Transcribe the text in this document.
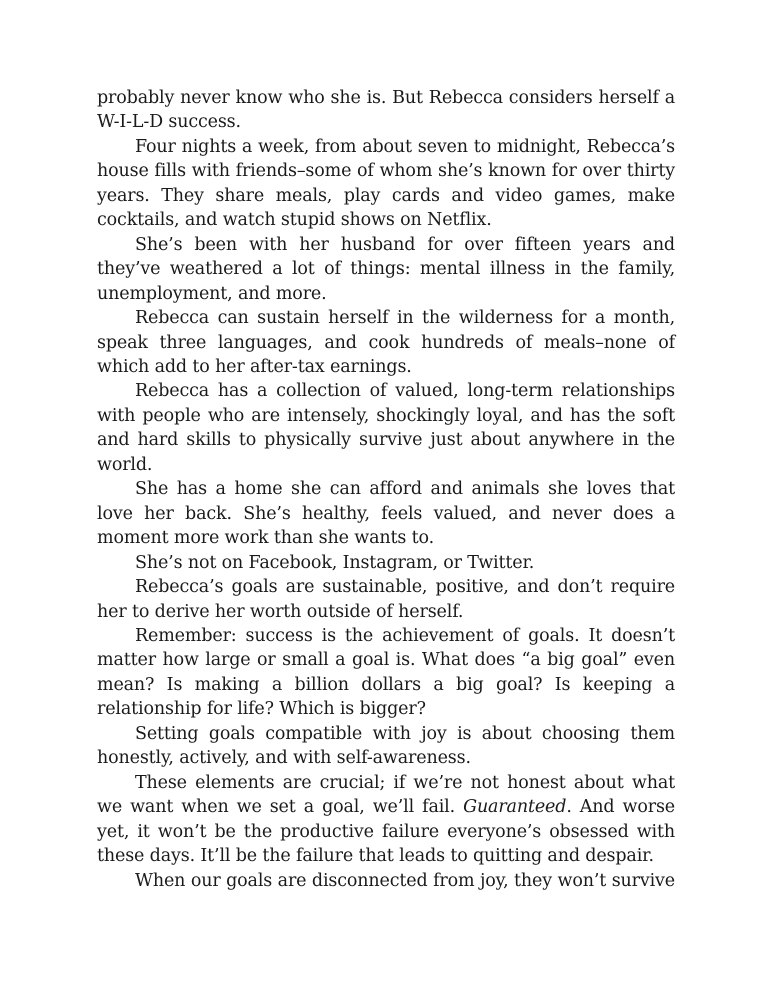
probably never know who she is. But Rebecca considers herself a W-I-L-D success.

Four nights a week, from about seven to midnight, Rebecca’s house fills with friends–some of whom she’s known for over thirty years. They share meals, play cards and video games, make cocktails, and watch stupid shows on Netflix.

She’s been with her husband for over fifteen years and they’ve weathered a lot of things: mental illness in the family, unemployment, and more.

Rebecca can sustain herself in the wilderness for a month, speak three languages, and cook hundreds of meals–none of which add to her after-tax earnings.

Rebecca has a collection of valued, long-term relationships with people who are intensely, shockingly loyal, and has the soft and hard skills to physically survive just about anywhere in the world.

She has a home she can afford and animals she loves that love her back. She’s healthy, feels valued, and never does a moment more work than she wants to.

She’s not on Facebook, Instagram, or Twitter.

Rebecca’s goals are sustainable, positive, and don’t require her to derive her worth outside of herself.

Remember: success is the achievement of goals. It doesn’t matter how large or small a goal is. What does “a big goal” even mean? Is making a billion dollars a big goal? Is keeping a relationship for life? Which is bigger?

Setting goals compatible with joy is about choosing them honestly, actively, and with self-awareness.

These elements are crucial; if we’re not honest about what we want when we set a goal, we’ll fail. Guaranteed. And worse yet, it won’t be the productive failure everyone’s obsessed with these days. It’ll be the failure that leads to quitting and despair.

When our goals are disconnected from joy, they won’t survive
